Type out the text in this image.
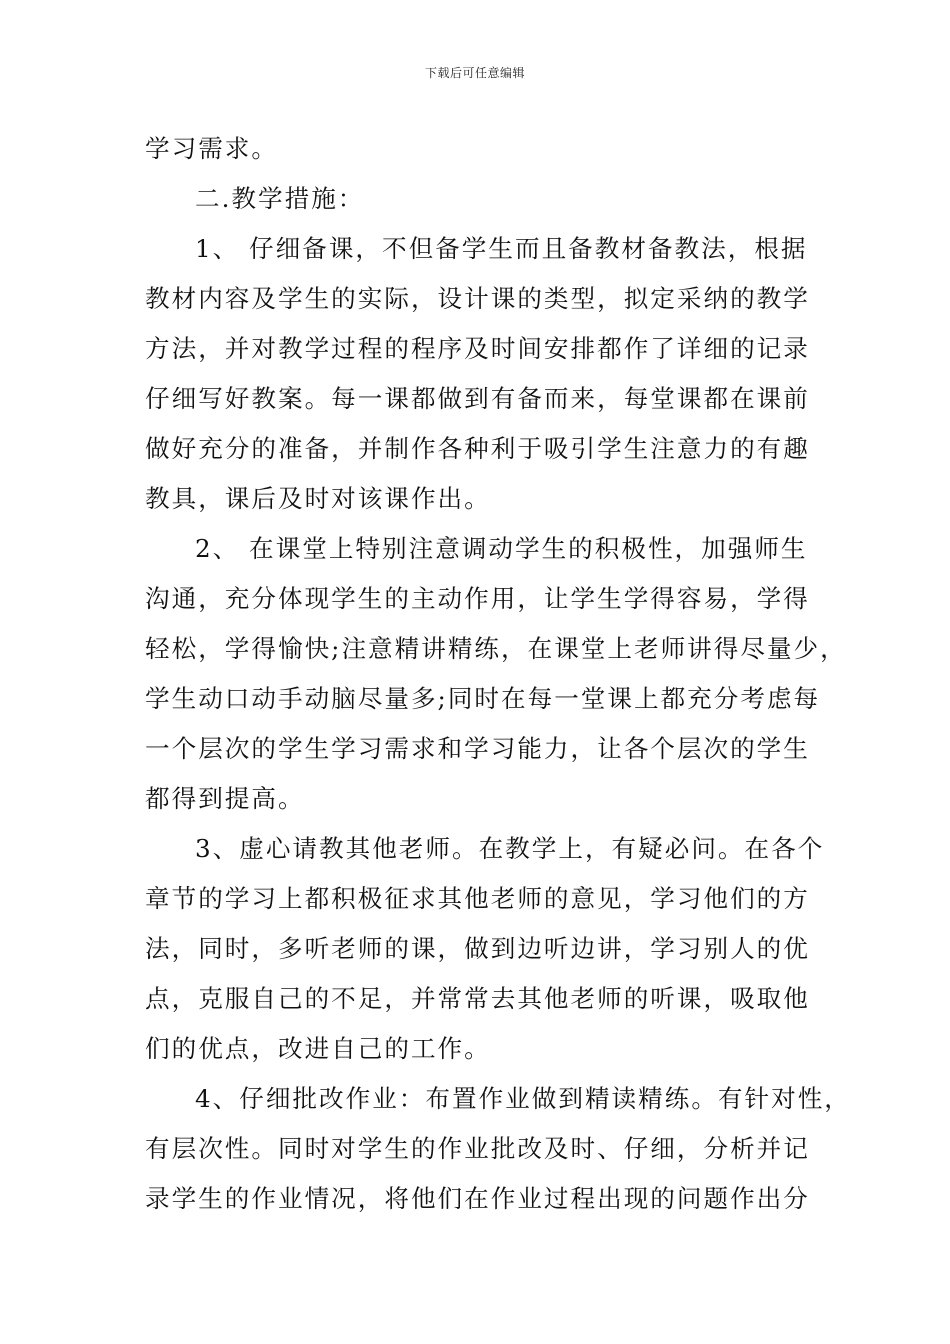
下载后可任意编辑
学习需求。
二.教学措施：
1、 仔细备课，不但备学生而且备教材备教法，根据
教材内容及学生的实际，设计课的类型，拟定采纳的教学
方法，并对教学过程的程序及时间安排都作了详细的记录
仔细写好教案。每一课都做到有备而来，每堂课都在课前
做好充分的准备，并制作各种利于吸引学生注意力的有趣
教具，课后及时对该课作出。
2、 在课堂上特别注意调动学生的积极性，加强师生
沟通，充分体现学生的主动作用，让学生学得容易，学得
轻松，学得愉快;注意精讲精练，在课堂上老师讲得尽量少，
学生动口动手动脑尽量多;同时在每一堂课上都充分考虑每
一个层次的学生学习需求和学习能力，让各个层次的学生
都得到提高。
3、虚心请教其他老师。在教学上，有疑必问。在各个
章节的学习上都积极征求其他老师的意见，学习他们的方
法，同时，多听老师的课，做到边听边讲，学习别人的优
点，克服自己的不足，并常常去其他老师的听课，吸取他
们的优点，改进自己的工作。
4、仔细批改作业：布置作业做到精读精练。有针对性，
有层次性。同时对学生的作业批改及时、仔细，分析并记
录学生的作业情况，将他们在作业过程出现的问题作出分
